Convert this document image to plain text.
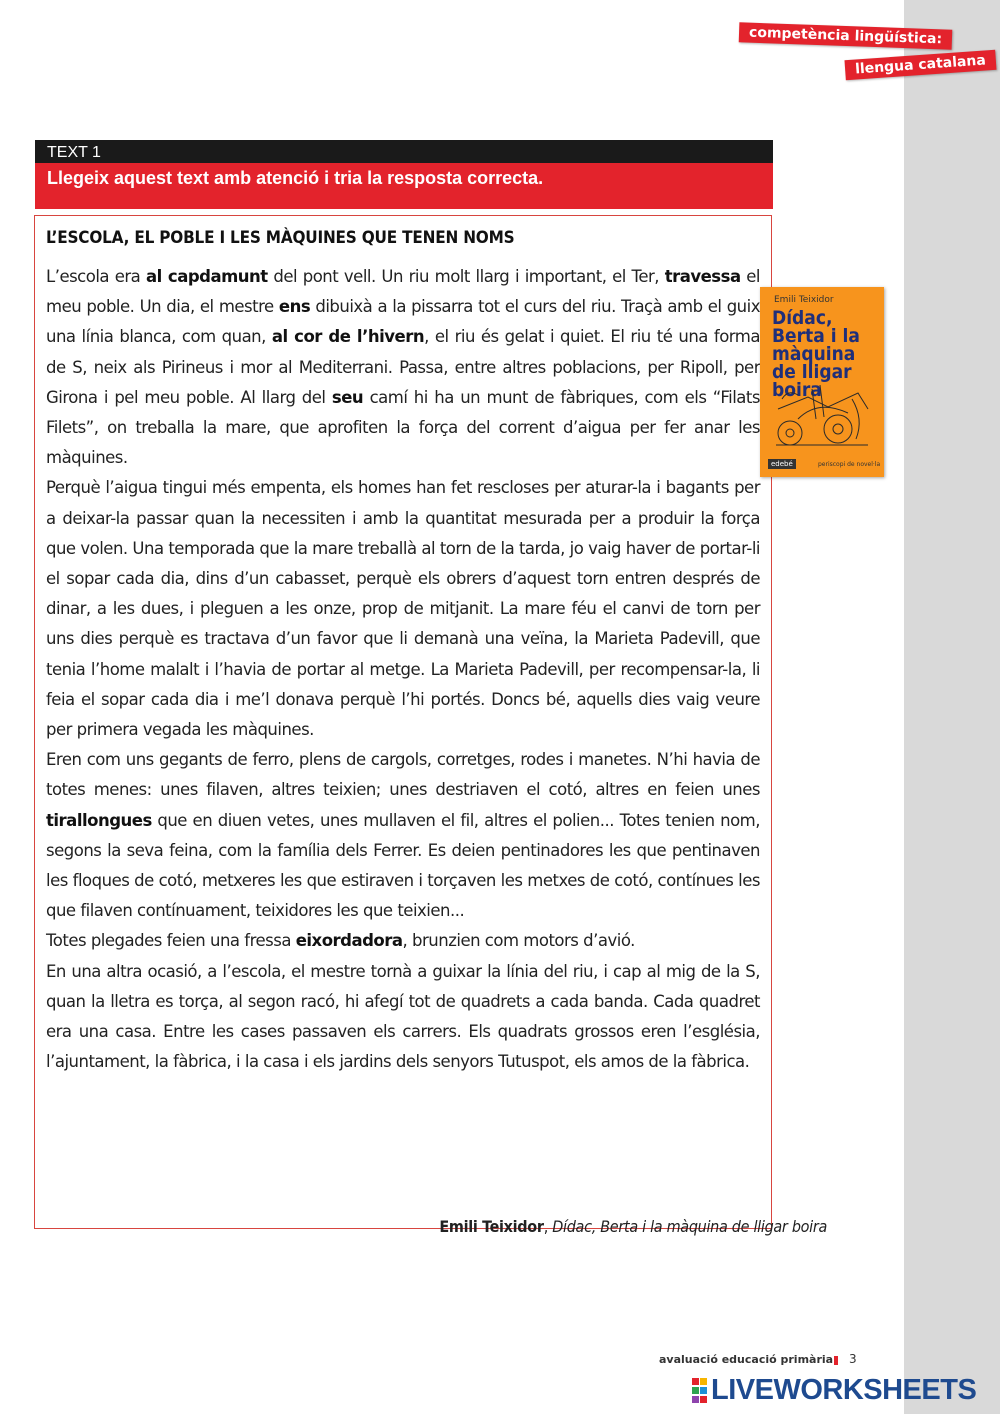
competència lingüística:
llengua catalana
TEXT 1
Llegeix aquest text amb atenció i tria la resposta correcta.
L’ESCOLA, EL POBLE I LES MÀQUINES QUE TENEN NOMS

L’escola era al capdamunt del pont vell. Un riu molt llarg i important, el Ter, travessa el meu poble. Un dia, el mestre ens dibuixà a la pissarra tot el curs del riu. Traçà amb el guix una línia blanca, com quan, al cor de l’hivern, el riu és gelat i quiet. El riu té una forma de S, neix als Pirineus i mor al Mediterrani. Passa, entre altres poblacions, per Ripoll, per Girona i pel meu poble. Al llarg del seu camí hi ha un munt de fàbriques, com els “Filats Filets”, on treballa la mare, que aprofiten la força del corrent d’aigua per fer anar les màquines.

Perquè l’aigua tingui més empenta, els homes han fet rescloses per aturar-la i bagants per a deixar-la passar quan la necessiten i amb la quantitat mesurada per a produir la força que volen. Una temporada que la mare treballà al torn de la tarda, jo vaig haver de portar-li el sopar cada dia, dins d’un cabasset, perquè els obrers d’aquest torn entren després de dinar, a les dues, i pleguen a les onze, prop de mitjanit. La mare féu el canvi de torn per uns dies perquè es tractava d’un favor que li demanà una veïna, la Marieta Padevill, que tenia l’home malalt i l’havia de portar al metge. La Marieta Padevill, per recompensar-la, li feia el sopar cada dia i me’l donava perquè l’hi portés. Doncs bé, aquells dies vaig veure per primera vegada les màquines.

Eren com uns gegants de ferro, plens de cargols, corretges, rodes i manetes. N’hi havia de totes menes: unes filaven, altres teixien; unes destriaven el cotó, altres en feien unes tirallongues que en diuen vetes, unes mullaven el fil, altres el polien... Totes tenien nom, segons la seva feina, com la família dels Ferrer. Es deien pentinadores les que pentinaven les floques de cotó, metxeres les que estiraven i torçaven les metxes de cotó, contínues les que filaven contínuament, teixidores les que teixien...

Totes plegades feien una fressa eixordadora, brunzien com motors d’avió.

En una altra ocasió, a l’escola, el mestre tornà a guixar la línia del riu, i cap al mig de la S, quan la lletra es torça, al segon racó, hi afegí tot de quadrets a cada banda. Cada quadret era una casa. Entre les cases passaven els carrers. Els quadrats grossos eren l’església, l’ajuntament, la fàbrica, i la casa i els jardins dels senyors Tutuspot, els amos de la fàbrica.

Emili Teixidor
Dídac, Berta i la màquina de lligar boira
edebé	periscopi de novel·la
Emili Teixidor, Dídac, Berta i la màquina de lligar boira
avaluació educació primària 3
LIVEWORKSHEETS
